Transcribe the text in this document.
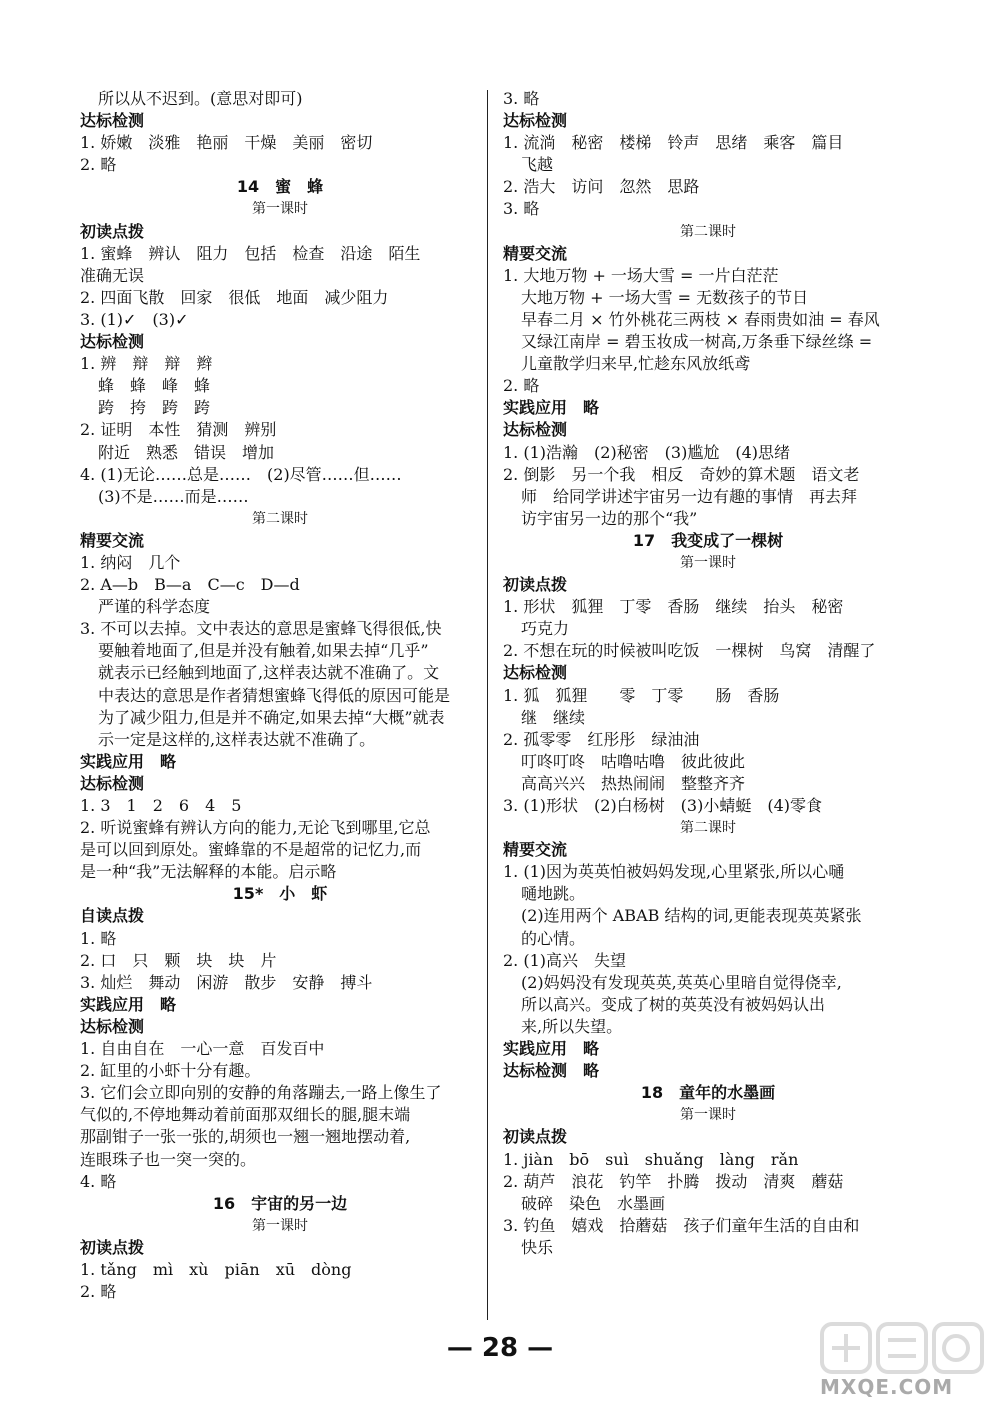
所以从不迟到。(意思对即可)
达标检测
1. 娇嫩　淡雅　艳丽　干燥　美丽　密切
2. 略
14　蜜　蜂
第一课时
初读点拨
1. 蜜蜂　辨认　阻力　包括　检查　沿途　陌生
准确无误
2. 四面飞散　回家　很低　地面　减少阻力
3. (1)✓　(3)✓
达标检测
1. 辨　辩　辩　辫
蜂　蜂　峰　蜂
跨　挎　跨　跨
2. 证明　本性　猜测　辨别
附近　熟悉　错误　增加
4. (1)无论……总是……　(2)尽管……但……
(3)不是……而是……
第二课时
精要交流
1. 纳闷　几个
2. A—b　B—a　C—c　D—d
严谨的科学态度
3. 不可以去掉。文中表达的意思是蜜蜂飞得很低,快
要触着地面了,但是并没有触着,如果去掉“几乎”
就表示已经触到地面了,这样表达就不准确了。文
中表达的意思是作者猜想蜜蜂飞得低的原因可能是
为了减少阻力,但是并不确定,如果去掉“大概”就表
示一定是这样的,这样表达就不准确了。
实践应用　略
达标检测
1. 3　1　2　6　4　5
2. 听说蜜蜂有辨认方向的能力,无论飞到哪里,它总
是可以回到原处。蜜蜂靠的不是超常的记忆力,而
是一种“我”无法解释的本能。启示略
15*　小　虾
自读点拨
1. 略
2. 口　只　颗　块　块　片
3. 灿烂　舞动　闲游　散步　安静　搏斗
实践应用　略
达标检测
1. 自由自在　一心一意　百发百中
2. 缸里的小虾十分有趣。
3. 它们会立即向别的安静的角落蹦去,一路上像生了
气似的,不停地舞动着前面那双细长的腿,腿末端
那副钳子一张一张的,胡须也一翘一翘地摆动着,
连眼珠子也一突一突的。
4. 略
16　宇宙的另一边
第一课时
初读点拨
1. tǎng　mì　xù　piān　xū　dòng
2. 略
3. 略
达标检测
1. 流淌　秘密　楼梯　铃声　思绪　乘客　篇目
飞越
2. 浩大　访问　忽然　思路
3. 略
第二课时
精要交流
1. 大地万物 + 一场大雪 = 一片白茫茫
大地万物 + 一场大雪 = 无数孩子的节日
早春二月 × 竹外桃花三两枝 × 春雨贵如油 = 春风
又绿江南岸 = 碧玉妆成一树高,万条垂下绿丝绦 =
儿童散学归来早,忙趁东风放纸鸢
2. 略
实践应用　略
达标检测
1. (1)浩瀚　(2)秘密　(3)尴尬　(4)思绪
2. 倒影　另一个我　相反　奇妙的算术题　语文老
师　给同学讲述宇宙另一边有趣的事情　再去拜
访宇宙另一边的那个“我”
17　我变成了一棵树
第一课时
初读点拨
1. 形状　狐狸　丁零　香肠　继续　抬头　秘密
巧克力
2. 不想在玩的时候被叫吃饭　一棵树　鸟窝　清醒了
达标检测
1. 狐　狐狸　　零　丁零　　肠　香肠
继　继续
2. 孤零零　红彤彤　绿油油
叮咚叮咚　咕噜咕噜　彼此彼此
高高兴兴　热热闹闹　整整齐齐
3. (1)形状　(2)白杨树　(3)小蜻蜓　(4)零食
第二课时
精要交流
1. (1)因为英英怕被妈妈发现,心里紧张,所以心嗵
嗵地跳。
(2)连用两个 ABAB 结构的词,更能表现英英紧张
的心情。
2. (1)高兴　失望
(2)妈妈没有发现英英,英英心里暗自觉得侥幸,
所以高兴。变成了树的英英没有被妈妈认出
来,所以失望。
实践应用　略
达标检测　略
18　童年的水墨画
第一课时
初读点拨
1. jiàn　bō　suì　shuǎng　làng　rǎn
2. 葫芦　浪花　钓竿　扑腾　拨动　清爽　蘑菇
破碎　染色　水墨画
3. 钓鱼　嬉戏　拾蘑菇　孩子们童年生活的自由和
快乐
— 28 —
MXQE.COM
